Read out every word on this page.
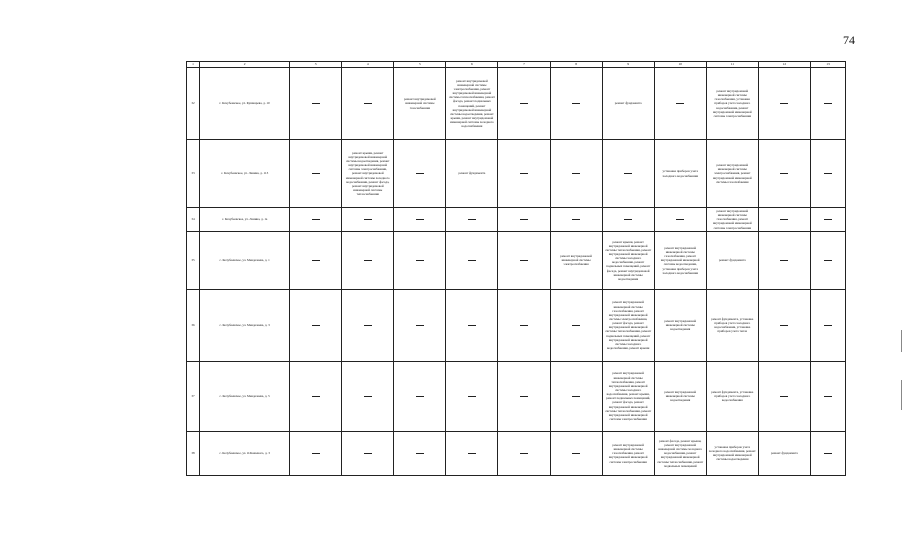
74
1	2	3	4	5	6	7	8	9	10	11	12	13
32	г. Кочубеевское, ул. Кушнарева, д. 10			ремонт внутридомовой инженерной системы газоснабжения	ремонт внутридомовой инженерной системы электроснабжения, ремонт внутридомовой инженерной системы теплоснабжения, ремонт фасада, ремонт подвальных помещений, ремонт внутридомовой инженерной системы водоотведения, ремонт крыши, ремонт внутридомовой инженерной системы холодного водоснабжения			ремонт фундамента		ремонт внутридомовой инженерной системы газоснабжения, установка приборов учета холодного водоснабжения, ремонт внутридомовой инженерной системы электроснабжения		
33	с. Кочубеевское, ул. Ленина, д. 113		ремонт крыши, ремонт внутридомовой инженерной системы водоотведения, ремонт внутридомовой инженерной системы электроснабжения, ремонт внутридомовой инженерной системы холодного водоснабжения, ремонт фасада, ремонт внутридомовой инженерной системы теплоснабжения		ремонт фундамента				установка приборов учета холодного водоснабжения	ремонт внутридомовой инженерной системы электроснабжения, ремонт внутридомовой инженерной системы газоснабжения		
34	с. Кочубеевское, ул. Ленина, д. 1а									ремонт внутридомовой инженерной системы газоснабжения, ремонт внутридомовой инженерной системы электроснабжения		
35	с. Кочубеевское, ул. Менделеева, д. 1						ремонт внутридомовой инженерной системы электроснабжения	ремонт крыши, ремонт внутридомовой инженерной системы теплоснабжения, ремонт внутридомовой инженерной системы холодного водоснабжения, ремонт подвальных помещений, ремонт фасада, ремонт внутридомовой инженерной системы водоотведения	ремонт внутридомовой инженерной системы газоснабжения, ремонт внутридомовой инженерной системы водоотведения, установка приборов учета холодного водоснабжения	ремонт фундамента		
36	с. Кочубеевское, ул. Менделеева, д. 3							ремонт внутридомовой инженерной системы газоснабжения, ремонт внутридомовой инженерной системы электроснабжения, ремонт фасада, ремонт внутридомовой инженерной системы теплоснабжения, ремонт подвальных помещений, ремонт внутридомовой инженерной системы холодного водоснабжения, ремонт крыши	ремонт внутридомовой инженерной системы водоотведения	ремонт фундамента, установка приборов учета холодного водоснабжения, установка приборов учета тепла		
37	с. Кочубеевское, ул. Менделеева, д. 5							ремонт внутридомовой инженерной системы теплоснабжения, ремонт внутридомовой инженерной системы холодного водоснабжения, ремонт крыши, ремонт подвальных помещений, ремонт фасада, ремонт внутридомовой инженерной системы теплоснабжения, ремонт внутридомовой инженерной системы электроснабжения	ремонт внутридомовой инженерной системы водоотведения	ремонт фундамента, установка приборов учета холодного водоснабжения		
38	с. Кочубеевское, ул. О.Кошевого, д. 3							ремонт внутридомовой инженерной системы газоснабжения, ремонт внутридомовой инженерной системы электроснабжения	ремонт фасада, ремонт крыши, ремонт внутридомовой инженерной системы холодного водоснабжения, ремонт внутридомовой инженерной системы теплоснабжения, ремонт подвальных помещений	установка приборов учета холодного водоснабжения, ремонт внутридомовой инженерной системы водоотведения	ремонт фундамента	
